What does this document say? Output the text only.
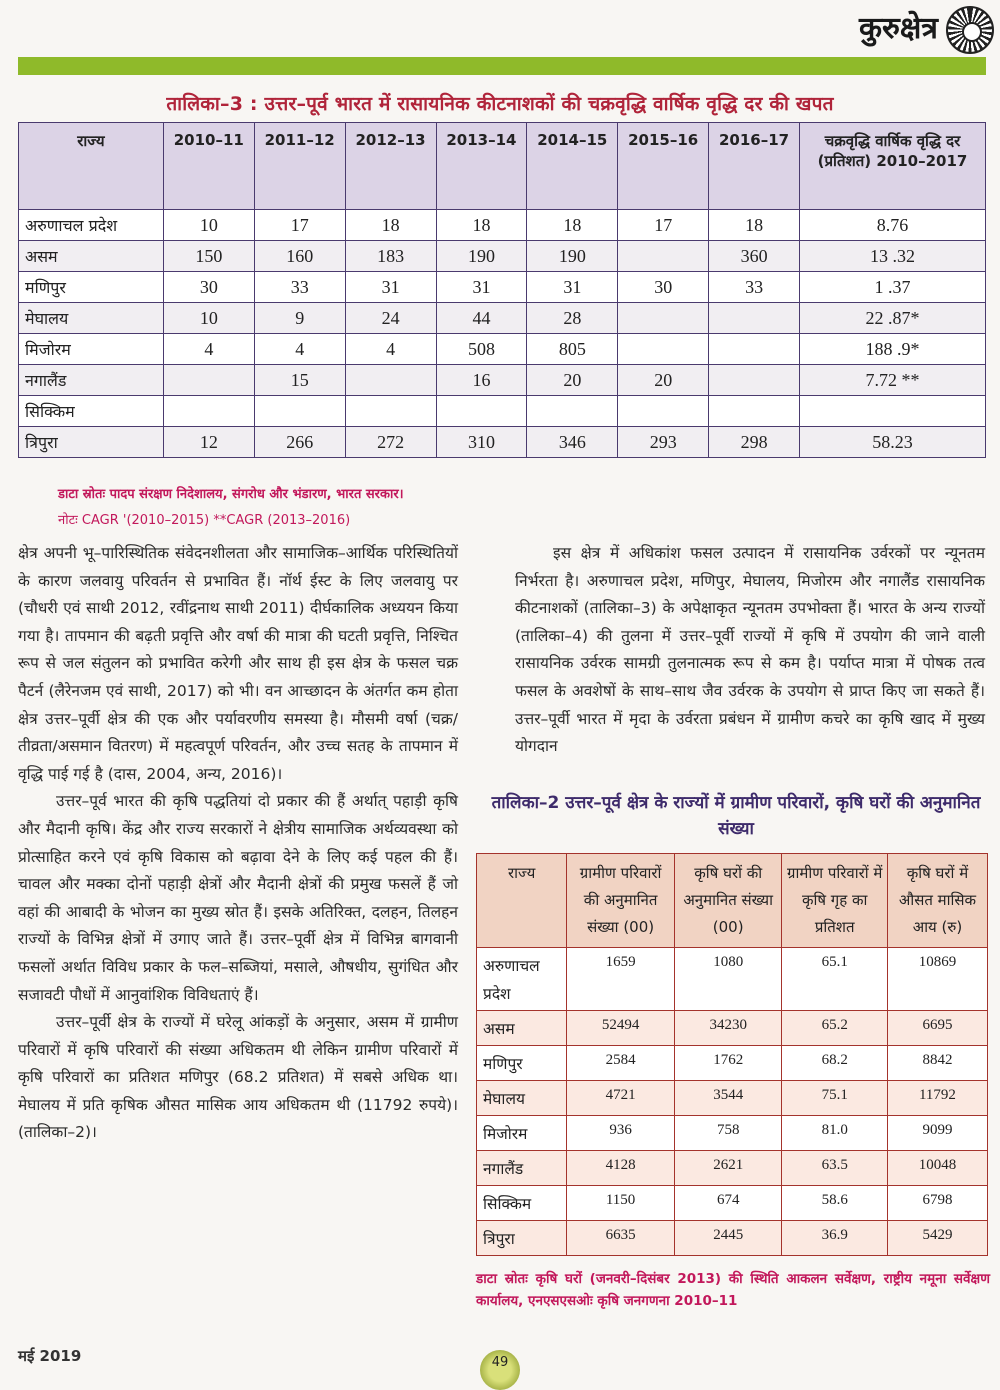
कुरुक्षेत्र
तालिका–3 : उत्तर–पूर्व भारत में रासायनिक कीटनाशकों की चक्रवृद्धि वार्षिक वृद्धि दर की खपत
राज्य	2010–11	2011–12	2012–13	2013–14	2014–15	2015–16	2016–17	चक्रवृद्धि वार्षिक वृद्धि दर (प्रतिशत) 2010–2017
अरुणाचल प्रदेश	10	17	18	18	18	17	18	8.76
असम	150	160	183	190	190		360	13 .32
मणिपुर	30	33	31	31	31	30	33	1 .37
मेघालय	10	9	24	44	28			22 .87*
मिजोरम	4	4	4	508	805			188 .9*
नगालैंड		15		16	20	20		7.72 **
सिक्किम								
त्रिपुरा	12	266	272	310	346	293	298	58.23
डाटा स्रोतः पादप संरक्षण निदेशालय, संगरोध और भंडारण, भारत सरकार।
नोटः CAGR '(2010–2015) **CAGR (2013–2016)

क्षेत्र अपनी भू–पारिस्थितिक संवेदनशीलता और सामाजिक–आर्थिक परिस्थितियों के कारण जलवायु परिवर्तन से प्रभावित हैं। नॉर्थ ईस्ट के लिए जलवायु पर (चौधरी एवं साथी 2012, रवींद्रनाथ साथी 2011) दीर्घकालिक अध्ययन किया गया है। तापमान की बढ़ती प्रवृत्ति और वर्षा की मात्रा की घटती प्रवृत्ति, निश्चित रूप से जल संतुलन को प्रभावित करेगी और साथ ही इस क्षेत्र के फसल चक्र पैटर्न (लैरेनजम एवं साथी, 2017) को भी। वन आच्छादन के अंतर्गत कम होता क्षेत्र उत्तर–पूर्वी क्षेत्र की एक और पर्यावरणीय समस्या है। मौसमी वर्षा (चक्र/तीव्रता/असमान वितरण) में महत्वपूर्ण परिवर्तन, और उच्च सतह के तापमान में वृद्धि पाई गई है (दास, 2004, अन्य, 2016)।

उत्तर–पूर्व भारत की कृषि पद्धतियां दो प्रकार की हैं अर्थात् पहाड़ी कृषि और मैदानी कृषि। केंद्र और राज्य सरकारों ने क्षेत्रीय सामाजिक अर्थव्यवस्था को प्रोत्साहित करने एवं कृषि विकास को बढ़ावा देने के लिए कई पहल की हैं। चावल और मक्का दोनों पहाड़ी क्षेत्रों और मैदानी क्षेत्रों की प्रमुख फसलें हैं जो वहां की आबादी के भोजन का मुख्य स्रोत हैं। इसके अतिरिक्त, दलहन, तिलहन राज्यों के विभिन्न क्षेत्रों में उगाए जाते हैं। उत्तर–पूर्वी क्षेत्र में विभिन्न बागवानी फसलों अर्थात विविध प्रकार के फल–सब्जियां, मसाले, औषधीय, सुगंधित और सजावटी पौधों में आनुवांशिक विविधताएं हैं।

उत्तर–पूर्वी क्षेत्र के राज्यों में घरेलू आंकड़ों के अनुसार, असम में ग्रामीण परिवारों में कृषि परिवारों की संख्या अधिकतम थी लेकिन ग्रामीण परिवारों में कृषि परिवारों का प्रतिशत मणिपुर (68.2 प्रतिशत) में सबसे अधिक था। मेघालय में प्रति कृषिक औसत मासिक आय अधिकतम थी (11792 रुपये)। (तालिका–2)।

इस क्षेत्र में अधिकांश फसल उत्पादन में रासायनिक उर्वरकों पर न्यूनतम निर्भरता है। अरुणाचल प्रदेश, मणिपुर, मेघालय, मिजोरम और नगालैंड रासायनिक कीटनाशकों (तालिका–3) के अपेक्षाकृत न्यूनतम उपभोक्ता हैं। भारत के अन्य राज्यों (तालिका–4) की तुलना में उत्तर–पूर्वी राज्यों में कृषि में उपयोग की जाने वाली रासायनिक उर्वरक सामग्री तुलनात्मक रूप से कम है। पर्याप्त मात्रा में पोषक तत्व फसल के अवशेषों के साथ–साथ जैव उर्वरक के उपयोग से प्राप्त किए जा सकते हैं। उत्तर–पूर्वी भारत में मृदा के उर्वरता प्रबंधन में ग्रामीण कचरे का कृषि खाद में मुख्य योगदान

तालिका–2 उत्तर–पूर्व क्षेत्र के राज्यों में ग्रामीण परिवारों, कृषि घरों की अनुमानित संख्या
राज्य	ग्रामीण परिवारों की अनुमानित संख्या (00)	कृषि घरों की अनुमानित संख्या (00)	ग्रामीण परिवारों में कृषि गृह का प्रतिशत	कृषि घरों में औसत मासिक आय (रु)
अरुणाचल प्रदेश	1659	1080	65.1	10869
असम	52494	34230	65.2	6695
मणिपुर	2584	1762	68.2	8842
मेघालय	4721	3544	75.1	11792
मिजोरम	936	758	81.0	9099
नगालैंड	4128	2621	63.5	10048
सिक्किम	1150	674	58.6	6798
त्रिपुरा	6635	2445	36.9	5429
डाटा स्रोतः कृषि घरों (जनवरी–दिसंबर 2013) की स्थिति आकलन सर्वेक्षण, राष्ट्रीय नमूना सर्वेक्षण कार्यालय, एनएसएसओः कृषि जनगणना 2010–11
मई 2019	49
